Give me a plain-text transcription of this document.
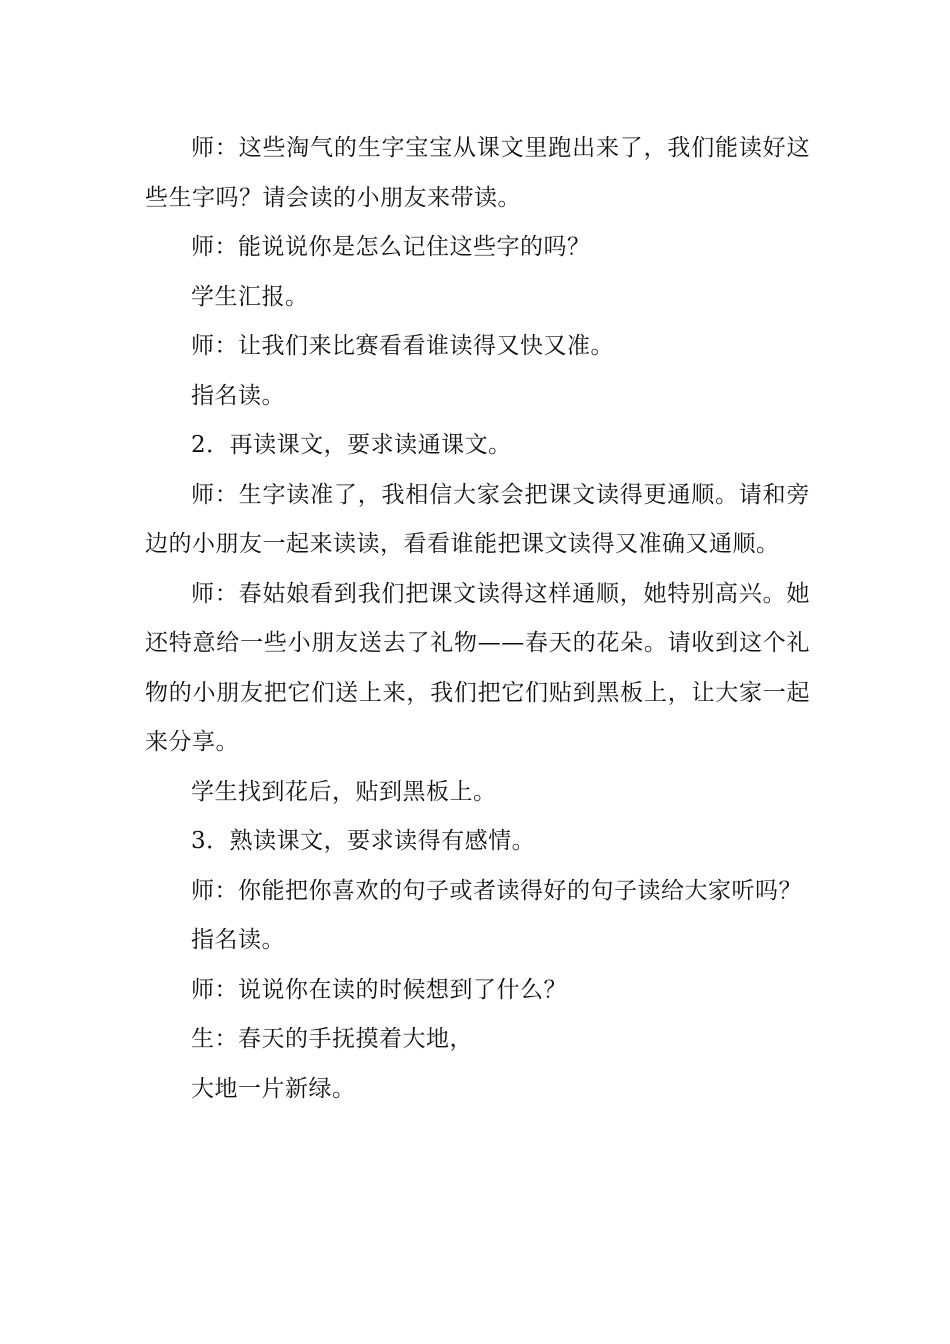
师：这些淘气的生字宝宝从课文里跑出来了，我们能读好这些生字吗？请会读的小朋友来带读。

师：能说说你是怎么记住这些字的吗？

学生汇报。

师：让我们来比赛看看谁读得又快又准。

指名读。

2．再读课文，要求读通课文。

师：生字读准了，我相信大家会把课文读得更通顺。请和旁边的小朋友一起来读读，看看谁能把课文读得又准确又通顺。

师：春姑娘看到我们把课文读得这样通顺，她特别高兴。她还特意给一些小朋友送去了礼物——春天的花朵。请收到这个礼物的小朋友把它们送上来，我们把它们贴到黑板上，让大家一起来分享。

学生找到花后，贴到黑板上。

3．熟读课文，要求读得有感情。

师：你能把你喜欢的句子或者读得好的句子读给大家听吗？

指名读。

师：说说你在读的时候想到了什么？

生：春天的手抚摸着大地，

大地一片新绿。
